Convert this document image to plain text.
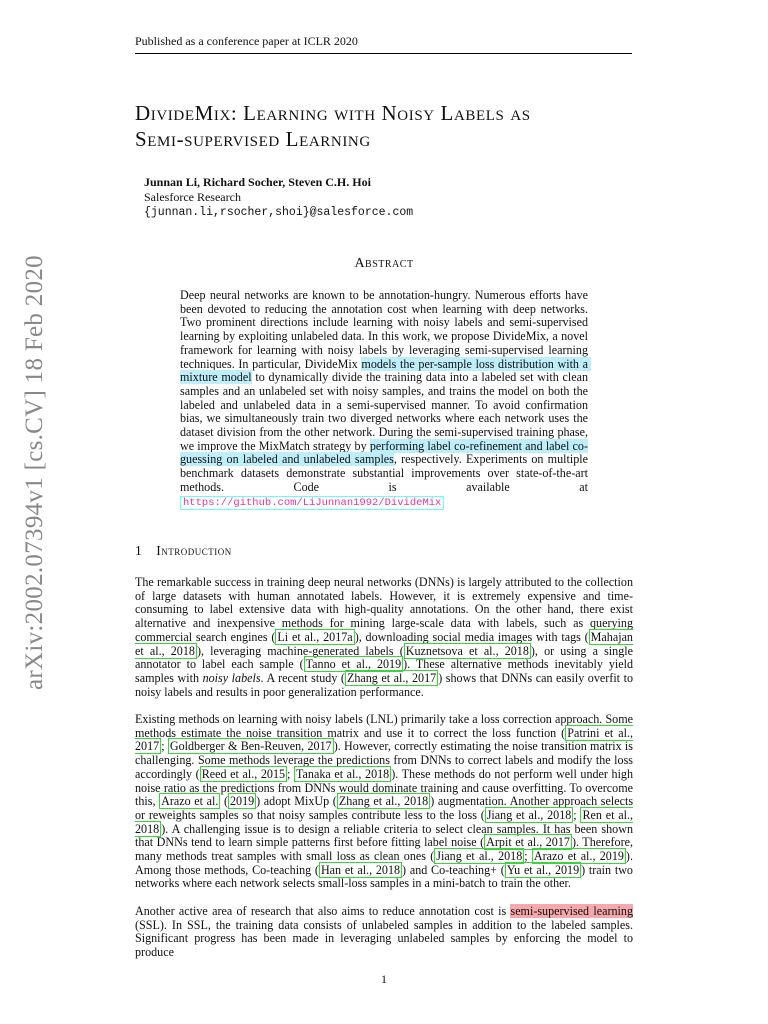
Published as a conference paper at ICLR 2020
arXiv:2002.07394v1 [cs.CV] 18 Feb 2020
DivideMix: Learning with Noisy Labels as
Semi-supervised Learning
Junnan Li, Richard Socher, Steven C.H. Hoi
Salesforce Research
{junnan.li,rsocher,shoi}@salesforce.com
Abstract
Deep neural networks are known to be annotation-hungry. Numerous efforts have been devoted to reducing the annotation cost when learning with deep networks. Two prominent directions include learning with noisy labels and semi-supervised learning by exploiting unlabeled data. In this work, we propose DivideMix, a novel framework for learning with noisy labels by leveraging semi-supervised learning techniques. In particular, DivideMix models the per-sample loss distribution with a mixture model to dynamically divide the training data into a labeled set with clean samples and an unlabeled set with noisy samples, and trains the model on both the labeled and unlabeled data in a semi-supervised manner. To avoid confirmation bias, we simultaneously train two diverged networks where each network uses the dataset division from the other network. During the semi-supervised training phase, we improve the MixMatch strategy by performing label co-refinement and label co-guessing on labeled and unlabeled samples, respectively. Experiments on multiple benchmark datasets demonstrate substantial improvements over state-of-the-art methods. Code is available at https://github.com/LiJunnan1992/DivideMix
1 Introduction
The remarkable success in training deep neural networks (DNNs) is largely attributed to the collection of large datasets with human annotated labels. However, it is extremely expensive and time-consuming to label extensive data with high-quality annotations. On the other hand, there exist alternative and inexpensive methods for mining large-scale data with labels, such as querying commercial search engines ( Li et al., 2017a ), downloading social media images with tags ( Mahajan et al., 2018 ), leveraging machine-generated labels ( Kuznetsova et al., 2018 ), or using a single annotator to label each sample ( Tanno et al., 2019 ). These alternative methods inevitably yield samples with noisy labels. A recent study ( Zhang et al., 2017 ) shows that DNNs can easily overfit to noisy labels and results in poor generalization performance.
Existing methods on learning with noisy labels (LNL) primarily take a loss correction approach. Some methods estimate the noise transition matrix and use it to correct the loss function ( Patrini et al., 2017 ; Goldberger & Ben-Reuven, 2017 ). However, correctly estimating the noise transition matrix is challenging. Some methods leverage the predictions from DNNs to correct labels and modify the loss accordingly ( Reed et al., 2015 ; Tanaka et al., 2018 ). These methods do not perform well under high noise ratio as the predictions from DNNs would dominate training and cause overfitting. To overcome this, Arazo et al. ( 2019 ) adopt MixUp ( Zhang et al., 2018 ) augmentation. Another approach selects or reweights samples so that noisy samples contribute less to the loss ( Jiang et al., 2018 ; Ren et al., 2018 ). A challenging issue is to design a reliable criteria to select clean samples. It has been shown that DNNs tend to learn simple patterns first before fitting label noise ( Arpit et al., 2017 ). Therefore, many methods treat samples with small loss as clean ones ( Jiang et al., 2018 ; Arazo et al., 2019 ). Among those methods, Co-teaching ( Han et al., 2018 ) and Co-teaching+ ( Yu et al., 2019 ) train two networks where each network selects small-loss samples in a mini-batch to train the other.
Another active area of research that also aims to reduce annotation cost is semi-supervised learning (SSL). In SSL, the training data consists of unlabeled samples in addition to the labeled samples. Significant progress has been made in leveraging unlabeled samples by enforcing the model to produce
1
